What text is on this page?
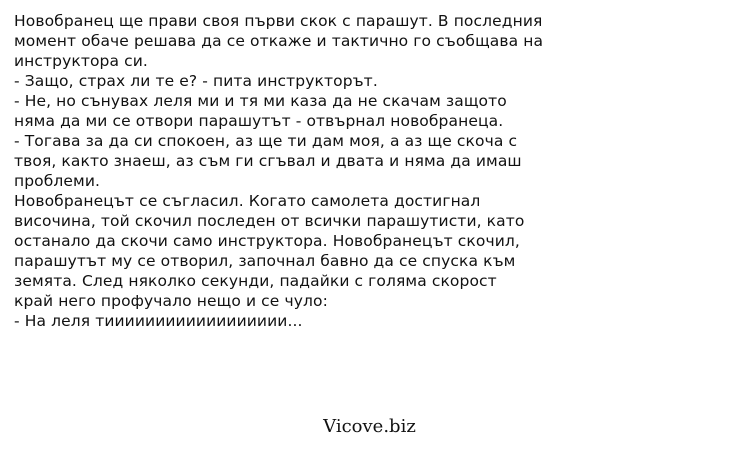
Новобранец ще прави своя първи скок с парашут. В последния
момент обаче решава да се откаже и тактично го съобщава на
инструктора си.
- Защо, страх ли те е? - пита инструкторът.
- Не, но сънувах леля ми и тя ми каза да не скачам защото
няма да ми се отвори парашутът - отвърнал новобранеца.
- Тогава за да си спокоен, аз ще ти дам моя, а аз ще скоча с
твоя, както знаеш, аз съм ги сгъвал и двата и няма да имаш
проблеми.
Новобранецът се съгласил. Когато самолета достигнал
височина, той скочил последен от всички парашутисти, като
останало да скочи само инструктора. Новобранецът скочил,
парашутът му се отворил, започнал бавно да се спуска към
земята. След няколко секунди, падайки с голяма скорост
край него профучало нещо и се чуло:
- На леля тииииииииииииииииии...
Vicove.biz
